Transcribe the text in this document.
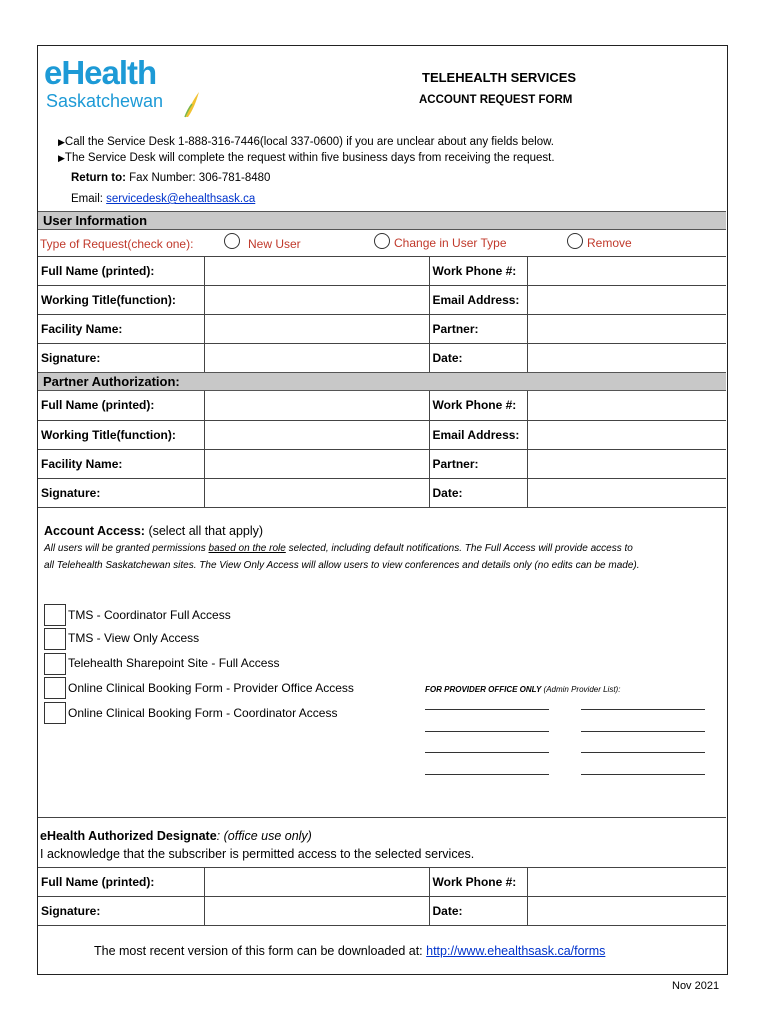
eHealth
Saskatchewan
TELEHEALTH SERVICES
ACCOUNT REQUEST FORM
▶Call the Service Desk 1-888-316-7446(local 337-0600) if you are unclear about any fields below.
▶The Service Desk will complete the request within five business days from receiving the request.
Return to: Fax Number: 306-781-8480
Email: servicedesk@ehealthsask.ca
User Information
Type of Request(check one):	New User	Change in User Type	Remove
Full Name (printed):		Work Phone #:	
Working Title(function):		Email Address:	
Facility Name:		Partner:	
Signature:		Date:	
Partner Authorization:
Full Name (printed):		Work Phone #:	
Working Title(function):		Email Address:	
Facility Name:		Partner:	
Signature:		Date:	
Account Access: (select all that apply)
All users will be granted permissions based on the role selected, including default notifications. The Full Access will provide access to
all Telehealth Saskatchewan sites. The View Only Access will allow users to view conferences and details only (no edits can be made).
TMS - Coordinator Full Access
TMS - View Only Access
Telehealth Sharepoint Site - Full Access
Online Clinical Booking Form - Provider Office Access
Online Clinical Booking Form - Coordinator Access
FOR PROVIDER OFFICE ONLY (Admin Provider List):
eHealth Authorized Designate: (office use only)
I acknowledge that the subscriber is permitted access to the selected services.
Full Name (printed):		Work Phone #:	
Signature:		Date:	
The most recent version of this form can be downloaded at: http://www.ehealthsask.ca/forms
Nov 2021
